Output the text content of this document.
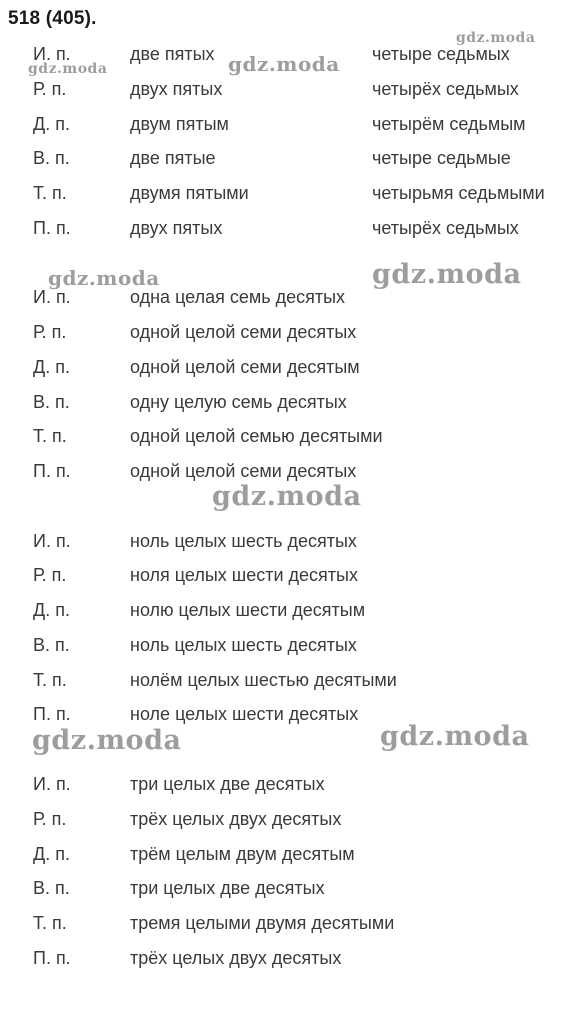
518 (405).
И. п.	две пятых	четыре седьмых
Р. п.	двух пятых	четырёх седьмых
Д. п.	двум пятым	четырём седьмым
В. п.	две пятые	четыре седьмые
Т. п.	двумя пятыми	четырьмя седьмыми
П. п.	двух пятых	четырёх седьмых
И. п.	одна целая семь десятых
Р. п.	одной целой семи десятых
Д. п.	одной целой семи десятым
В. п.	одну целую семь десятых
Т. п.	одной целой семью десятыми
П. п.	одной целой семи десятых
И. п.	ноль целых шесть десятых
Р. п.	ноля целых шести десятых
Д. п.	нолю целых шести десятым
В. п.	ноль целых шесть десятых
Т. п.	нолём целых шестью десятыми
П. п.	ноле целых шести десятых
И. п.	три целых две десятых
Р. п.	трёх целых двух десятых
Д. п.	трём целым двум десятым
В. п.	три целых две десятых
Т. п.	тремя целыми двумя десятыми
П. п.	трёх целых двух десятых
gdz.moda
gdz.moda	gdz.moda
gdz.moda	gdz.moda
gdz.moda
gdz.moda	gdz.moda
